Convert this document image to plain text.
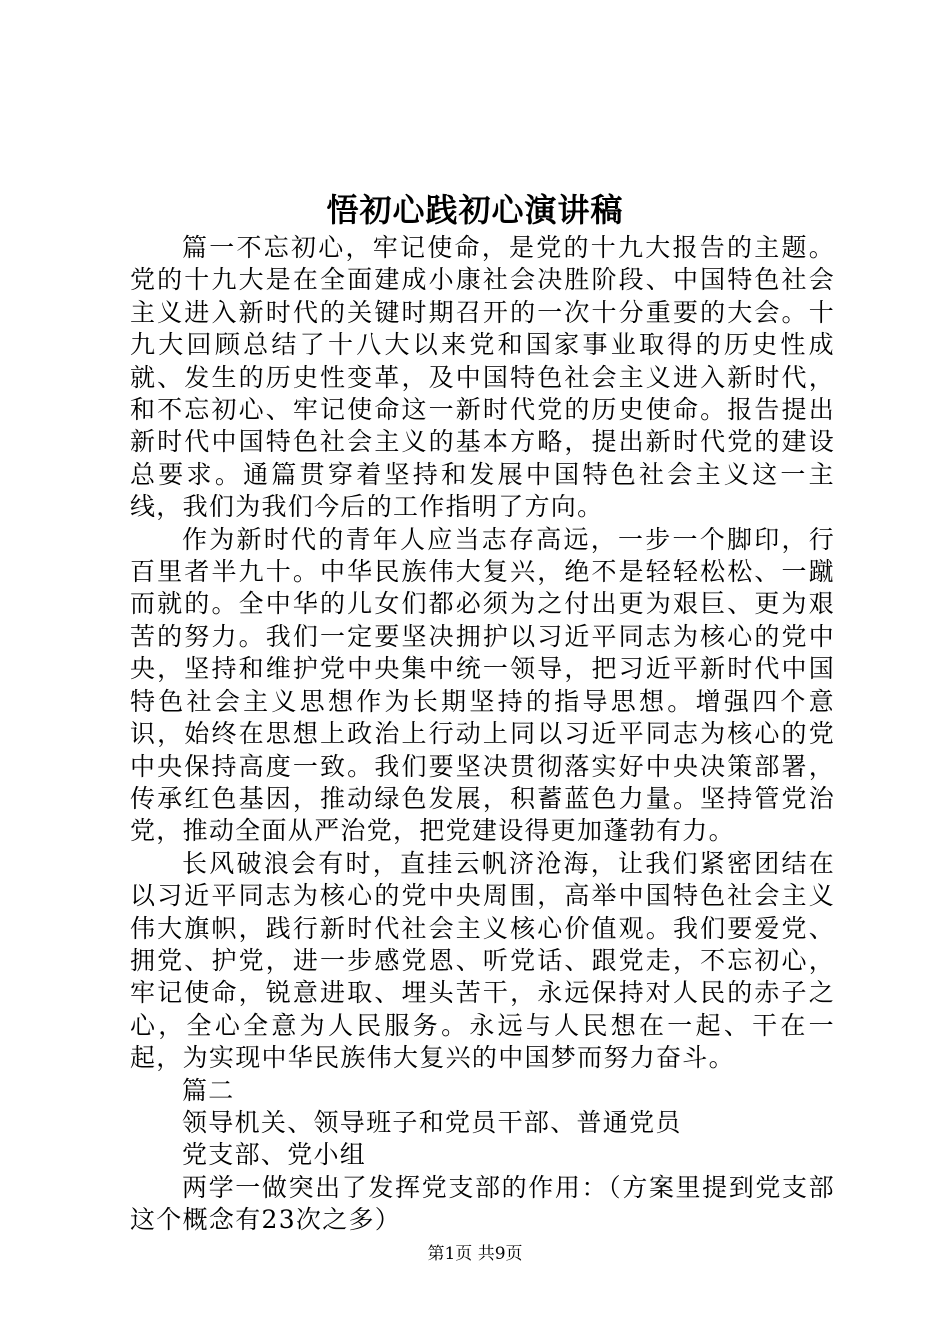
悟初心践初心演讲稿

篇一不忘初心，牢记使命，是党的十九大报告的主题。党的十九大是在全面建成小康社会决胜阶段、中国特色社会主义进入新时代的关键时期召开的一次十分重要的大会。十九大回顾总结了十八大以来党和国家事业取得的历史性成就、发生的历史性变革，及中国特色社会主义进入新时代，和不忘初心、牢记使命这一新时代党的历史使命。报告提出新时代中国特色社会主义的基本方略，提出新时代党的建设总要求。通篇贯穿着坚持和发展中国特色社会主义这一主线，我们为我们今后的工作指明了方向。

作为新时代的青年人应当志存高远，一步一个脚印，行百里者半九十。中华民族伟大复兴，绝不是轻轻松松、一蹴而就的。全中华的儿女们都必须为之付出更为艰巨、更为艰苦的努力。我们一定要坚决拥护以习近平同志为核心的党中央，坚持和维护党中央集中统一领导，把习近平新时代中国特色社会主义思想作为长期坚持的指导思想。增强四个意识，始终在思想上政治上行动上同以习近平同志为核心的党中央保持高度一致。我们要坚决贯彻落实好中央决策部署，传承红色基因，推动绿色发展，积蓄蓝色力量。坚持管党治党，推动全面从严治党，把党建设得更加蓬勃有力。

长风破浪会有时，直挂云帆济沧海，让我们紧密团结在以习近平同志为核心的党中央周围，高举中国特色社会主义伟大旗帜，践行新时代社会主义核心价值观。我们要爱党、拥党、护党，进一步感党恩、听党话、跟党走，不忘初心，牢记使命，锐意进取、埋头苦干，永远保持对人民的赤子之心，全心全意为人民服务。永远与人民想在一起、干在一起，为实现中华民族伟大复兴的中国梦而努力奋斗。

篇二

领导机关、领导班子和党员干部、普通党员

党支部、党小组

两学一做突出了发挥党支部的作用：（方案里提到党支部这个概念有23次之多）

第1页 共9页
